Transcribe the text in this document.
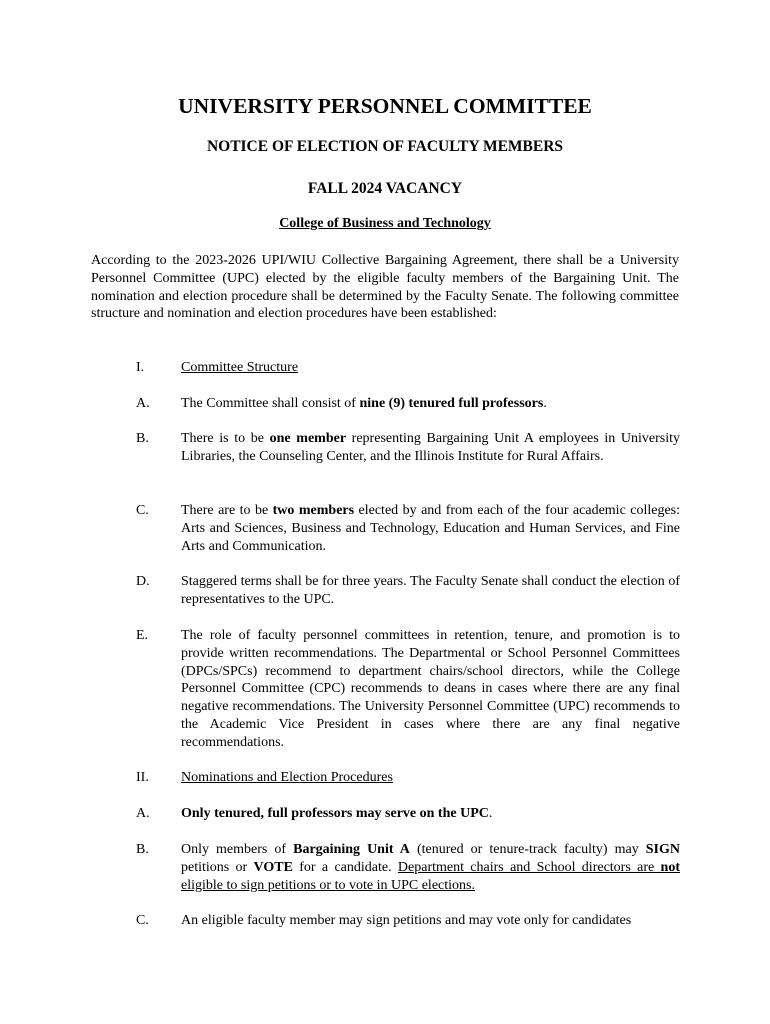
UNIVERSITY PERSONNEL COMMITTEE
NOTICE OF ELECTION OF FACULTY MEMBERS
FALL 2024 VACANCY
College of Business and Technology

According to the 2023-2026 UPI/WIU Collective Bargaining Agreement, there shall be a University Personnel Committee (UPC) elected by the eligible faculty members of the Bargaining Unit. The nomination and election procedure shall be determined by the Faculty Senate. The following committee structure and nomination and election procedures have been established:

I.	Committee Structure
A. The Committee shall consist of nine (9) tenured full professors.

B. There is to be one member representing Bargaining Unit A employees in University Libraries, the Counseling Center, and the Illinois Institute for Rural Affairs.

C. There are to be two members elected by and from each of the four academic colleges: Arts and Sciences, Business and Technology, Education and Human Services, and Fine Arts and Communication.

D. Staggered terms shall be for three years. The Faculty Senate shall conduct the election of representatives to the UPC.

E. The role of faculty personnel committees in retention, tenure, and promotion is to provide written recommendations. The Departmental or School Personnel Committees (DPCs/SPCs) recommend to department chairs/school directors, while the College Personnel Committee (CPC) recommends to deans in cases where there are any final negative recommendations. The University Personnel Committee (UPC) recommends to the Academic Vice President in cases where there are any final negative recommendations.

II. Nominations and Election Procedures
A. Only tenured, full professors may serve on the UPC.

B. Only members of Bargaining Unit A (tenured or tenure-track faculty) may SIGN petitions or VOTE for a candidate. Department chairs and School directors are not eligible to sign petitions or to vote in UPC elections.

C. An eligible faculty member may sign petitions and may vote only for candidates
